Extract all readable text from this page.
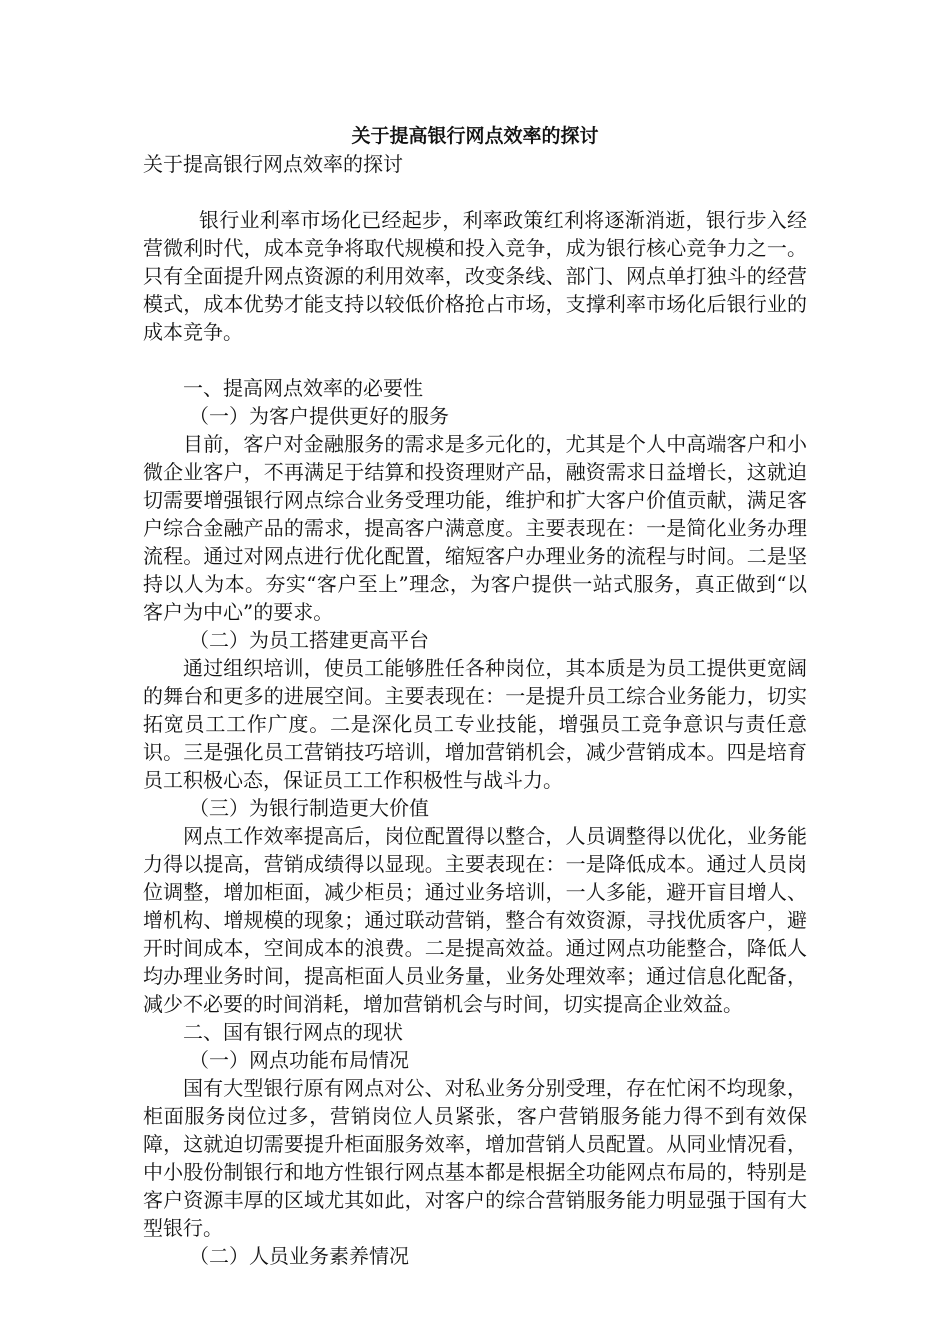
关于提高银行网点效率的探讨

关于提高银行网点效率的探讨

银行业利率市场化已经起步，利率政策红利将逐渐消逝，银行步入经营微利时代，成本竞争将取代规模和投入竞争，成为银行核心竞争力之一。只有全面提升网点资源的利用效率，改变条线、部门、网点单打独斗的经营模式，成本优势才能支持以较低价格抢占市场，支撑利率市场化后银行业的成本竞争。

一、提高网点效率的必要性

（一）为客户提供更好的服务

目前，客户对金融服务的需求是多元化的，尤其是个人中高端客户和小微企业客户，不再满足于结算和投资理财产品，融资需求日益增长，这就迫切需要增强银行网点综合业务受理功能，维护和扩大客户价值贡献，满足客户综合金融产品的需求，提高客户满意度。主要表现在：一是简化业务办理流程。通过对网点进行优化配置，缩短客户办理业务的流程与时间。二是坚持以人为本。夯实“客户至上”理念，为客户提供一站式服务，真正做到“以客户为中心”的要求。

（二）为员工搭建更高平台

通过组织培训，使员工能够胜任各种岗位，其本质是为员工提供更宽阔的舞台和更多的进展空间。主要表现在：一是提升员工综合业务能力，切实拓宽员工工作广度。二是深化员工专业技能，增强员工竞争意识与责任意识。三是强化员工营销技巧培训，增加营销机会，减少营销成本。四是培育员工积极心态，保证员工工作积极性与战斗力。

（三）为银行制造更大价值

网点工作效率提高后，岗位配置得以整合，人员调整得以优化，业务能力得以提高，营销成绩得以显现。主要表现在：一是降低成本。通过人员岗位调整，增加柜面，减少柜员；通过业务培训，一人多能，避开盲目增人、增机构、增规模的现象；通过联动营销，整合有效资源，寻找优质客户，避开时间成本，空间成本的浪费。二是提高效益。通过网点功能整合，降低人均办理业务时间，提高柜面人员业务量，业务处理效率；通过信息化配备，减少不必要的时间消耗，增加营销机会与时间，切实提高企业效益。

二、国有银行网点的现状

（一）网点功能布局情况

国有大型银行原有网点对公、对私业务分别受理，存在忙闲不均现象，柜面服务岗位过多，营销岗位人员紧张，客户营销服务能力得不到有效保障，这就迫切需要提升柜面服务效率，增加营销人员配置。从同业情况看，中小股份制银行和地方性银行网点基本都是根据全功能网点布局的，特别是客户资源丰厚的区域尤其如此，对客户的综合营销服务能力明显强于国有大型银行。

（二）人员业务素养情况
